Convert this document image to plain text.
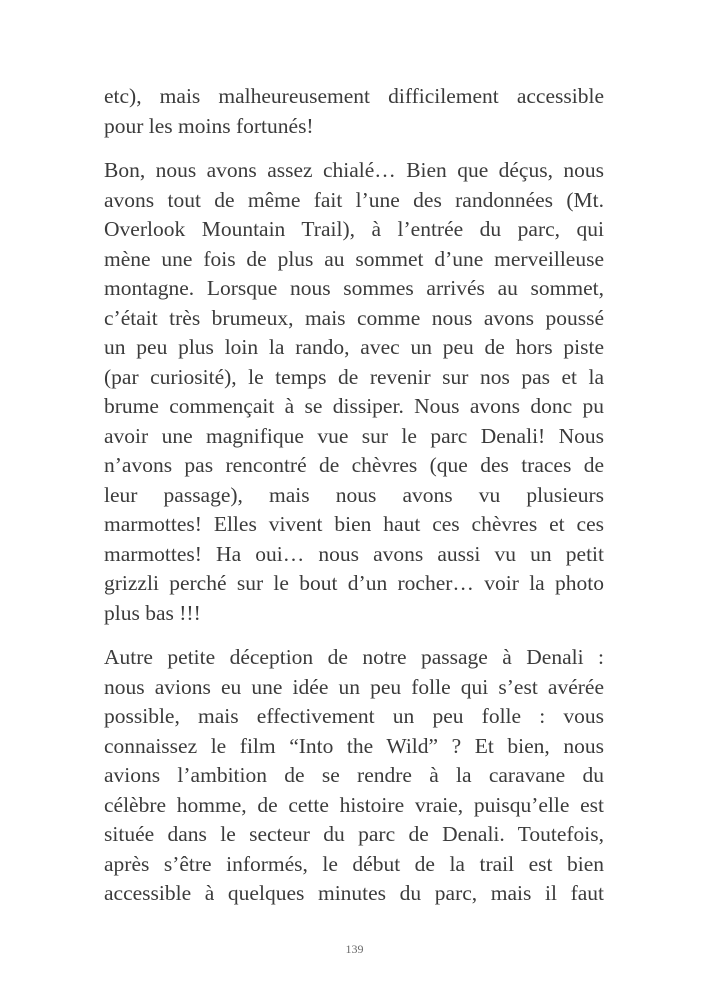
etc), mais malheureusement difficilement accessible
pour les moins fortunés!

Bon, nous avons assez chialé… Bien que déçus, nous
avons tout de même fait l’une des randonnées (Mt.
Overlook Mountain Trail), à l’entrée du parc, qui
mène une fois de plus au sommet d’une merveilleuse
montagne. Lorsque nous sommes arrivés au sommet,
c’était très brumeux, mais comme nous avons poussé
un peu plus loin la rando, avec un peu de hors piste
(par curiosité), le temps de revenir sur nos pas et la
brume commençait à se dissiper. Nous avons donc pu
avoir une magnifique vue sur le parc Denali! Nous
n’avons pas rencontré de chèvres (que des traces de
leur passage), mais nous avons vu plusieurs
marmottes! Elles vivent bien haut ces chèvres et ces
marmottes! Ha oui… nous avons aussi vu un petit
grizzli perché sur le bout d’un rocher… voir la photo
plus bas !!!

Autre petite déception de notre passage à Denali :
nous avions eu une idée un peu folle qui s’est avérée
possible, mais effectivement un peu folle : vous
connaissez le film “Into the Wild” ? Et bien, nous
avions l’ambition de se rendre à la caravane du
célèbre homme, de cette histoire vraie, puisqu’elle est
située dans le secteur du parc de Denali. Toutefois,
après s’être informés, le début de la trail est bien
accessible à quelques minutes du parc, mais il faut

139
